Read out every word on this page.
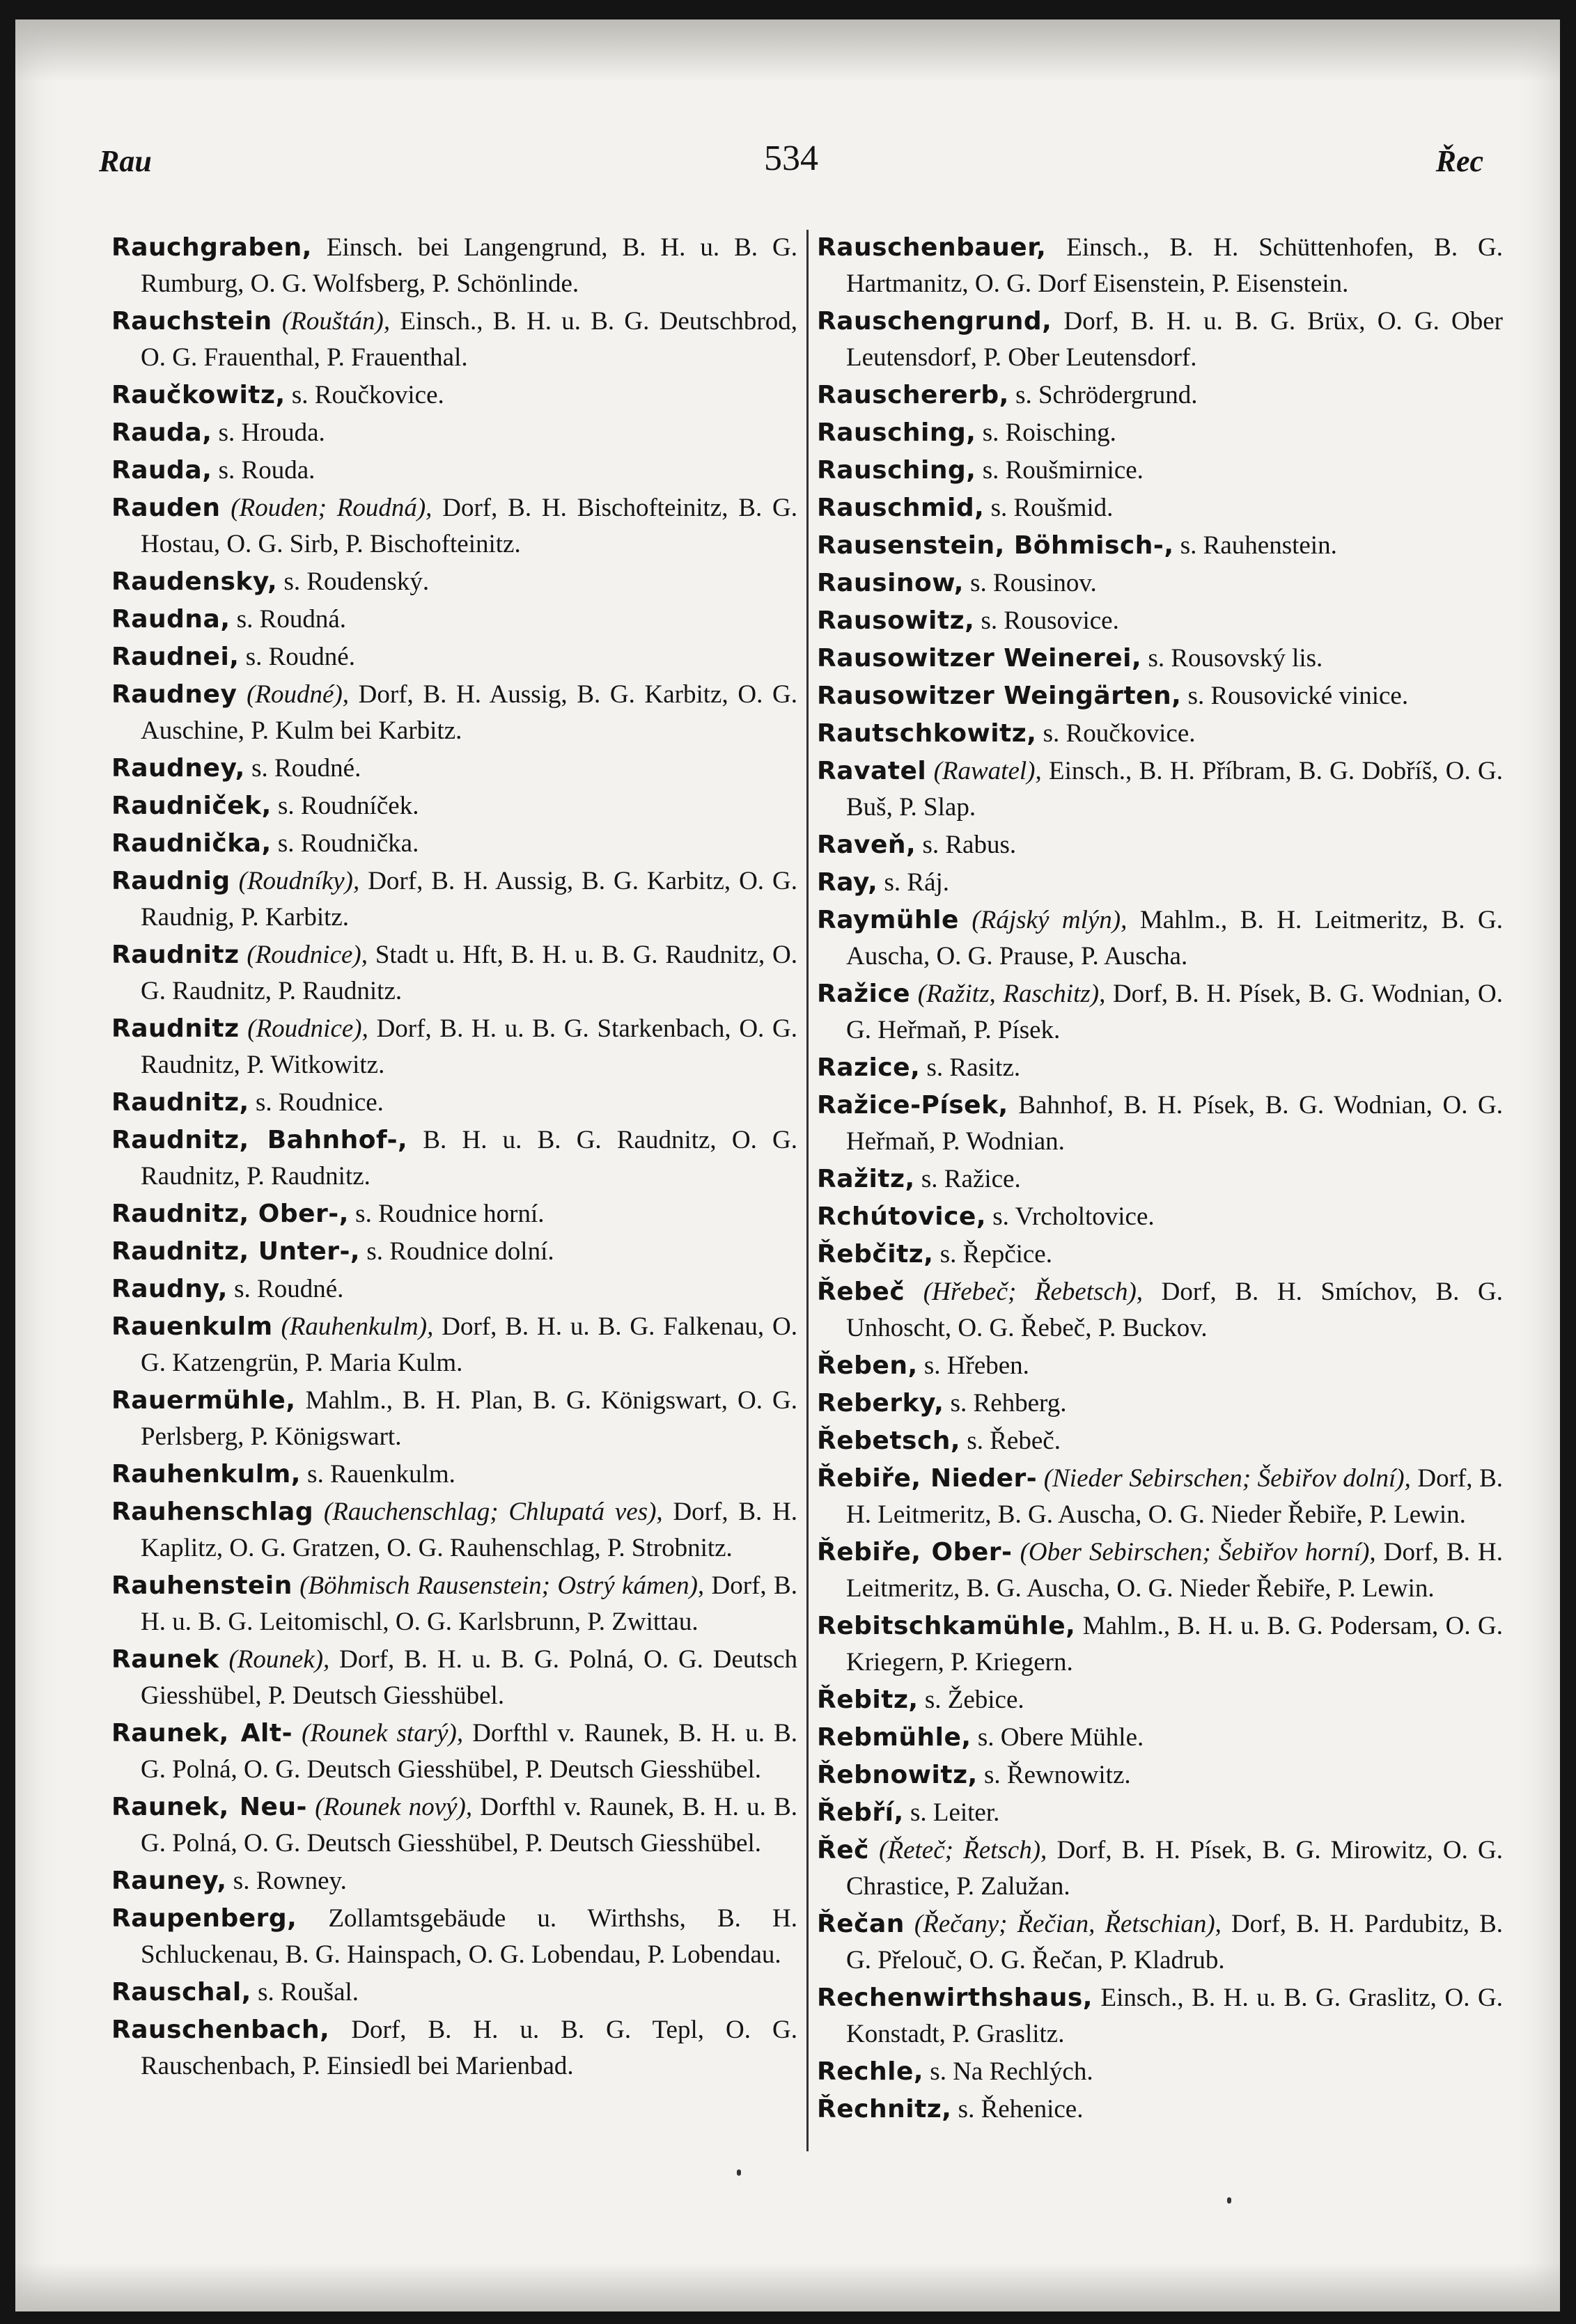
Rau	534	Řec

Rauchgraben, Einsch. bei Langengrund, B. H. u. B. G. Rumburg, O. G. Wolfsberg, P. Schönlinde.

Rauchstein (Rouštán), Einsch., B. H. u. B. G. Deutschbrod, O. G. Frauenthal, P. Frauenthal.

Raučkowitz, s. Roučkovice.

Rauda, s. Hrouda.

Rauda, s. Rouda.

Rauden (Rouden; Roudná), Dorf, B. H. Bischofteinitz, B. G. Hostau, O. G. Sirb, P. Bischofteinitz.

Raudensky, s. Roudenský.

Raudna, s. Roudná.

Raudnei, s. Roudné.

Raudney (Roudné), Dorf, B. H. Aussig, B. G. Karbitz, O. G. Auschine, P. Kulm bei Karbitz.

Raudney, s. Roudné.

Raudniček, s. Roudníček.

Raudnička, s. Roudnička.

Raudnig (Roudníky), Dorf, B. H. Aussig, B. G. Karbitz, O. G. Raudnig, P. Karbitz.

Raudnitz (Roudnice), Stadt u. Hft, B. H. u. B. G. Raudnitz, O. G. Raudnitz, P. Raudnitz.

Raudnitz (Roudnice), Dorf, B. H. u. B. G. Starkenbach, O. G. Raudnitz, P. Witkowitz.

Raudnitz, s. Roudnice.

Raudnitz, Bahnhof-, B. H. u. B. G. Raudnitz, O. G. Raudnitz, P. Raudnitz.

Raudnitz, Ober-, s. Roudnice horní.

Raudnitz, Unter-, s. Roudnice dolní.

Raudny, s. Roudné.

Rauenkulm (Rauhenkulm), Dorf, B. H. u. B. G. Falkenau, O. G. Katzengrün, P. Maria Kulm.

Rauermühle, Mahlm., B. H. Plan, B. G. Königswart, O. G. Perlsberg, P. Königswart.

Rauhenkulm, s. Rauenkulm.

Rauhenschlag (Rauchenschlag; Chlupatá ves), Dorf, B. H. Kaplitz, O. G. Gratzen, O. G. Rauhenschlag, P. Strobnitz.

Rauhenstein (Böhmisch Rausenstein; Ostrý kámen), Dorf, B. H. u. B. G. Leitomischl, O. G. Karlsbrunn, P. Zwittau.

Raunek (Rounek), Dorf, B. H. u. B. G. Polná, O. G. Deutsch Giesshübel, P. Deutsch Giesshübel.

Raunek, Alt- (Rounek starý), Dorfthl v. Raunek, B. H. u. B. G. Polná, O. G. Deutsch Giesshübel, P. Deutsch Giesshübel.

Raunek, Neu- (Rounek nový), Dorfthl v. Raunek, B. H. u. B. G. Polná, O. G. Deutsch Giesshübel, P. Deutsch Giesshübel.

Rauney, s. Rowney.

Raupenberg, Zollamtsgebäude u. Wirthshs, B. H. Schluckenau, B. G. Hainspach, O. G. Lobendau, P. Lobendau.

Rauschal, s. Roušal.

Rauschenbach, Dorf, B. H. u. B. G. Tepl, O. G. Rauschenbach, P. Einsiedl bei Marienbad.

Rauschenbauer, Einsch., B. H. Schüttenhofen, B. G. Hartmanitz, O. G. Dorf Eisenstein, P. Eisenstein.

Rauschengrund, Dorf, B. H. u. B. G. Brüx, O. G. Ober Leutensdorf, P. Ober Leutensdorf.

Rauschererb, s. Schrödergrund.

Rausching, s. Roisching.

Rausching, s. Roušmirnice.

Rauschmid, s. Roušmid.

Rausenstein, Böhmisch-, s. Rauhenstein.

Rausinow, s. Rousinov.

Rausowitz, s. Rousovice.

Rausowitzer Weinerei, s. Rousovský lis.

Rausowitzer Weingärten, s. Rousovické vinice.

Rautschkowitz, s. Roučkovice.

Ravatel (Rawatel), Einsch., B. H. Příbram, B. G. Dobříš, O. G. Buš, P. Slap.

Raveň, s. Rabus.

Ray, s. Ráj.

Raymühle (Rájský mlýn), Mahlm., B. H. Leitmeritz, B. G. Auscha, O. G. Prause, P. Auscha.

Ražice (Ražitz, Raschitz), Dorf, B. H. Písek, B. G. Wodnian, O. G. Heřmaň, P. Písek.

Razice, s. Rasitz.

Ražice-Písek, Bahnhof, B. H. Písek, B. G. Wodnian, O. G. Heřmaň, P. Wodnian.

Ražitz, s. Ražice.

Rchútovice, s. Vrcholtovice.

Řebčitz, s. Řepčice.

Řebeč (Hřebeč; Řebetsch), Dorf, B. H. Smíchov, B. G. Unhoscht, O. G. Řebeč, P. Buckov.

Řeben, s. Hřeben.

Reberky, s. Rehberg.

Řebetsch, s. Řebeč.

Řebiře, Nieder- (Nieder Sebirschen; Šebiřov dolní), Dorf, B. H. Leitmeritz, B. G. Auscha, O. G. Nieder Řebiře, P. Lewin.

Řebiře, Ober- (Ober Sebirschen; Šebiřov horní), Dorf, B. H. Leitmeritz, B. G. Auscha, O. G. Nieder Řebiře, P. Lewin.

Rebitschkamühle, Mahlm., B. H. u. B. G. Podersam, O. G. Kriegern, P. Kriegern.

Řebitz, s. Žebice.

Rebmühle, s. Obere Mühle.

Řebnowitz, s. Řewnowitz.

Řebří, s. Leiter.

Řeč (Řeteč; Řetsch), Dorf, B. H. Písek, B. G. Mirowitz, O. G. Chrastice, P. Zalužan.

Řečan (Řečany; Řečian, Řetschian), Dorf, B. H. Pardubitz, B. G. Přelouč, O. G. Řečan, P. Kladrub.

Rechenwirthshaus, Einsch., B. H. u. B. G. Graslitz, O. G. Konstadt, P. Graslitz.

Rechle, s. Na Rechlých.

Řechnitz, s. Řehenice.
